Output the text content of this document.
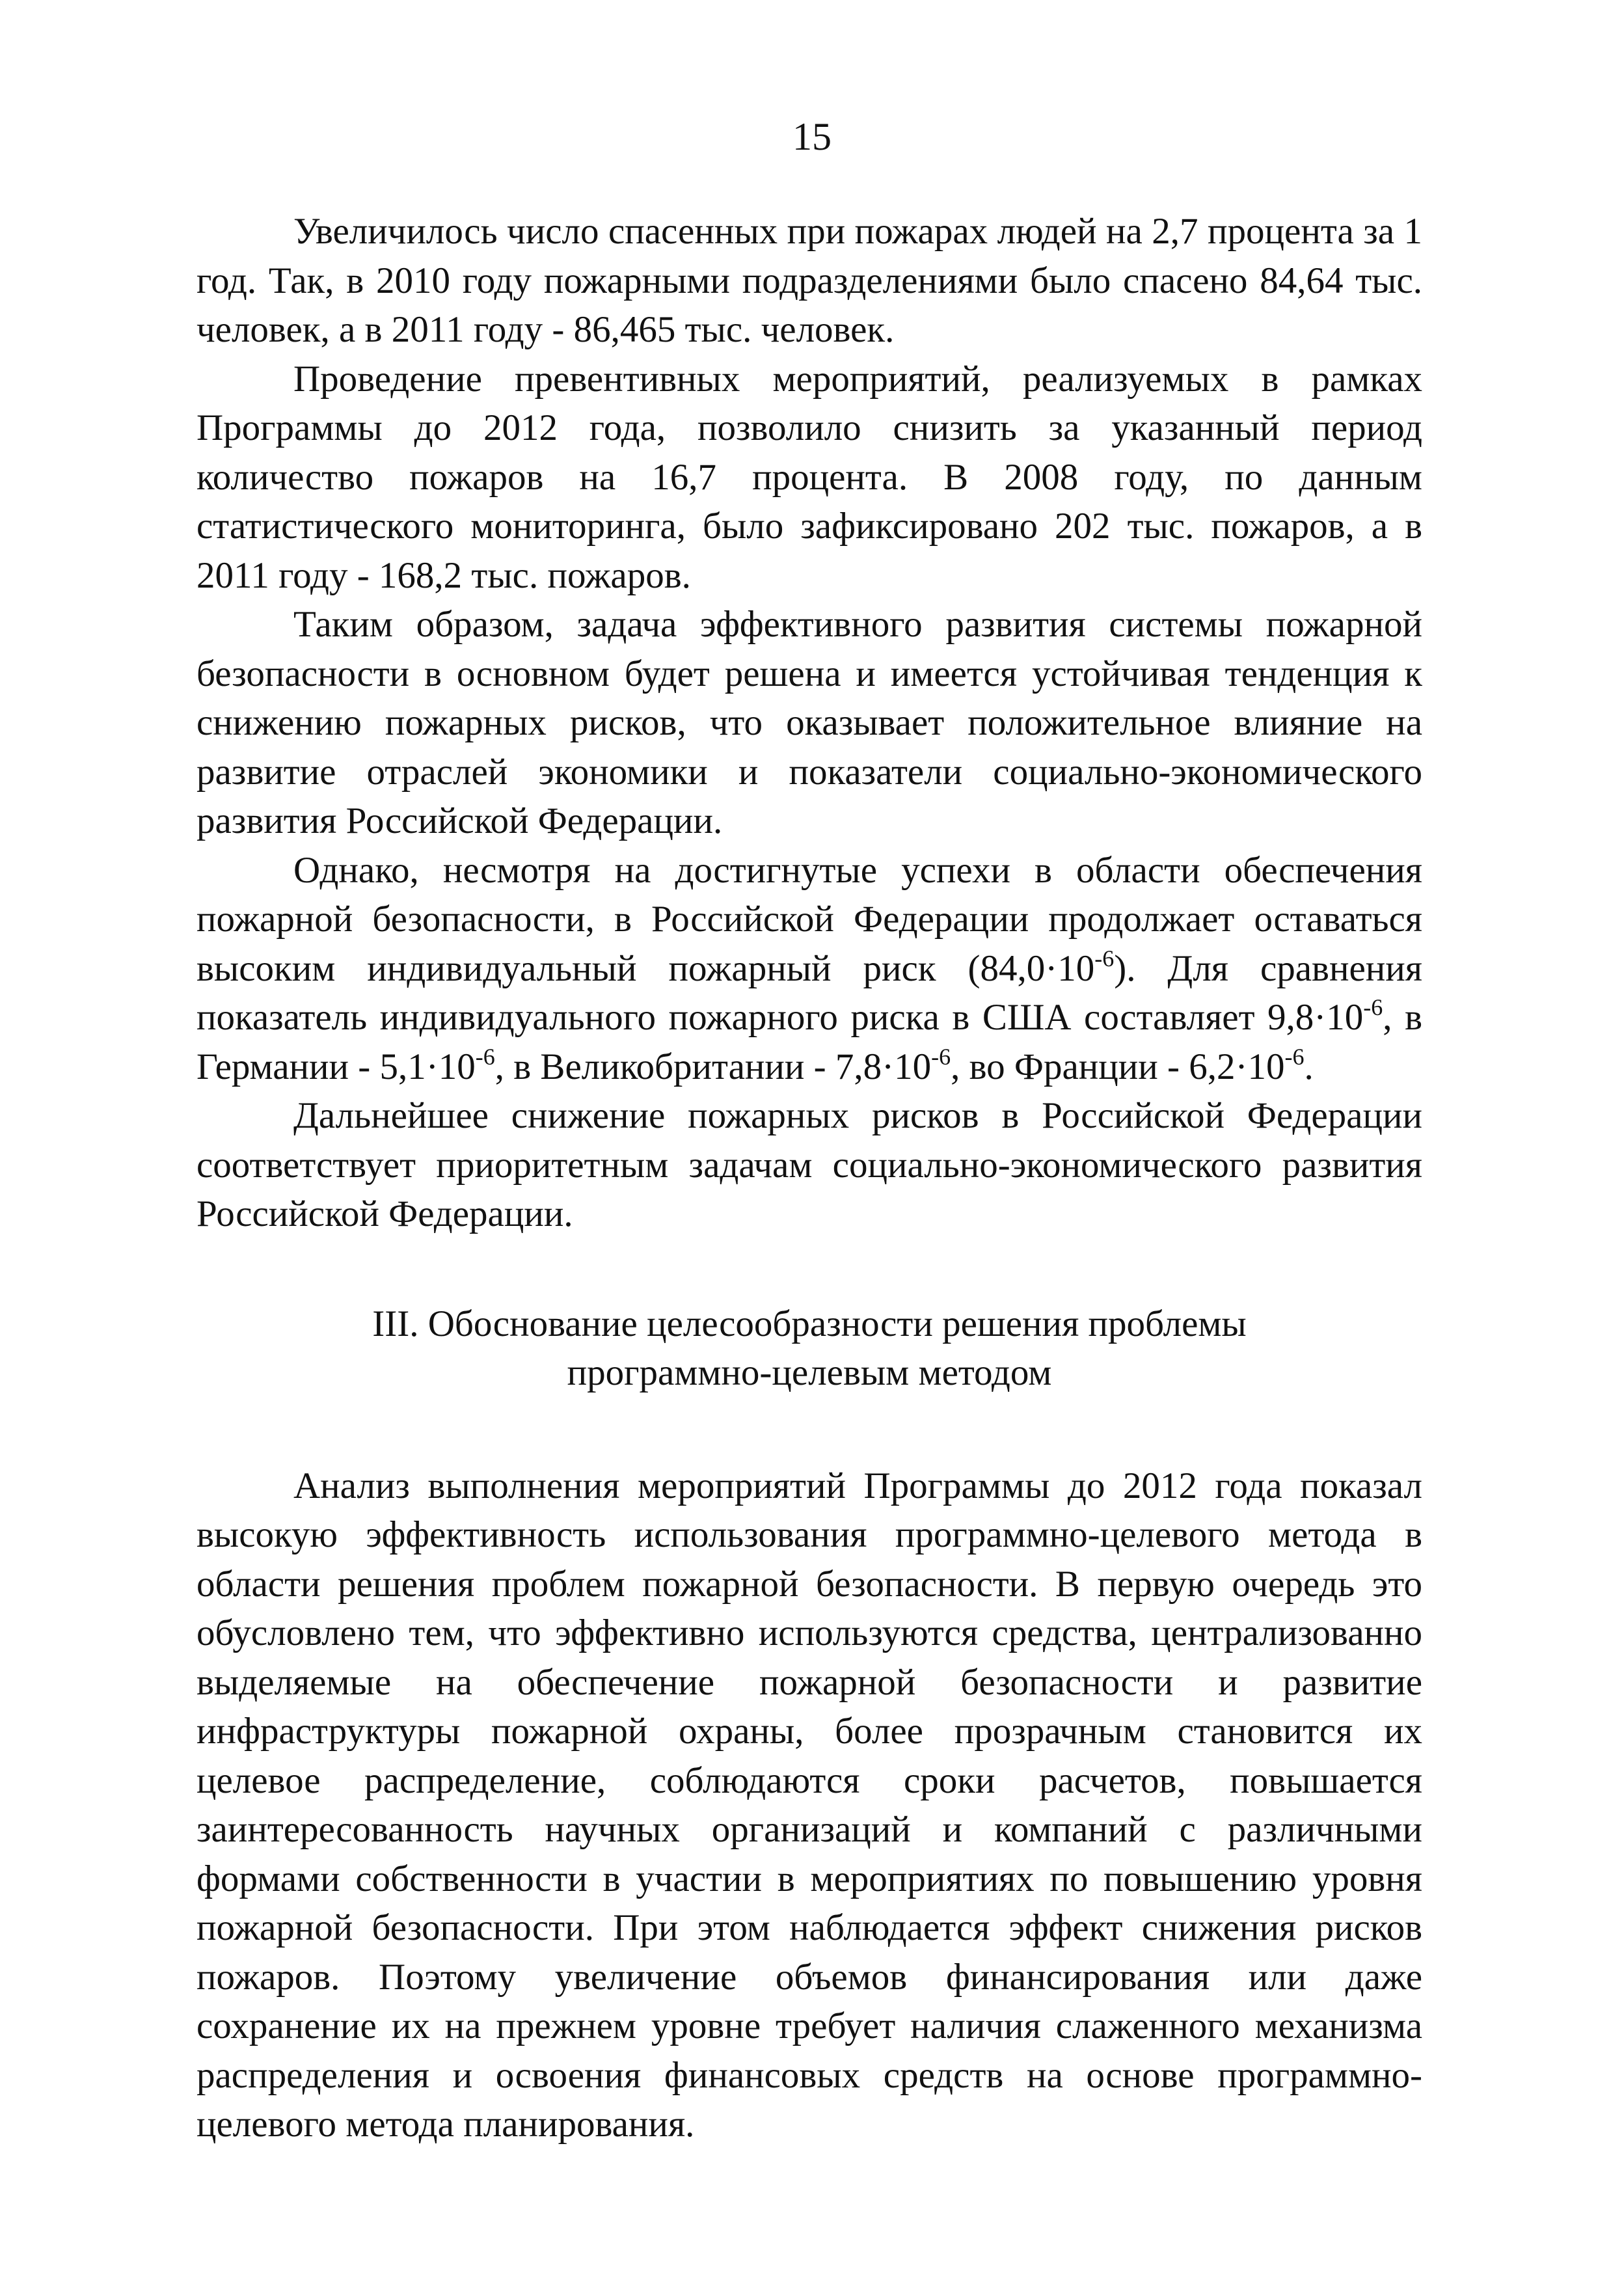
15

Увеличилось число спасенных при пожарах людей на 2,7 процента за 1 год. Так, в 2010 году пожарными подразделениями было спасено 84,64 тыс. человек, а в 2011 году - 86,465 тыс. человек.

Проведение превентивных мероприятий, реализуемых в рамках Программы до 2012 года, позволило снизить за указанный период количество пожаров на 16,7 процента. В 2008 году, по данным статистического мониторинга, было зафиксировано 202 тыс. пожаров, а в 2011 году - 168,2 тыс. пожаров.

Таким образом, задача эффективного развития системы пожарной безопасности в основном будет решена и имеется устойчивая тенденция к снижению пожарных рисков, что оказывает положительное влияние на развитие отраслей экономики и показатели социально-экономического развития Российской Федерации.

Однако, несмотря на достигнутые успехи в области обеспечения пожарной безопасности, в Российской Федерации продолжает оставаться высоким индивидуальный пожарный риск $(84,0\cdot 10^{-6})$. Для сравнения показатель индивидуального пожарного риска в США составляет $9,8\cdot 10^{-6}$, в Германии - $5,1\cdot 10^{-6}$, в Великобритании - $7,8\cdot 10^{-6}$, во Франции - $6,2\cdot 10^{-6}$.

Дальнейшее снижение пожарных рисков в Российской Федерации соответствует приоритетным задачам социально-экономического развития Российской Федерации.

III. Обоснование целесообразности решения проблемы
программно-целевым методом

Анализ выполнения мероприятий Программы до 2012 года показал высокую эффективность использования программно-целевого метода в области решения проблем пожарной безопасности. В первую очередь это обусловлено тем, что эффективно используются средства, централизованно выделяемые на обеспечение пожарной безопасности и развитие инфраструктуры пожарной охраны, более прозрачным становится их целевое распределение, соблюдаются сроки расчетов, повышается заинтересованность научных организаций и компаний с различными формами собственности в участии в мероприятиях по повышению уровня пожарной безопасности. При этом наблюдается эффект снижения рисков пожаров. Поэтому увеличение объемов финансирования или даже сохранение их на прежнем уровне требует наличия слаженного механизма распределения и освоения финансовых средств на основе программно-целевого метода планирования.
